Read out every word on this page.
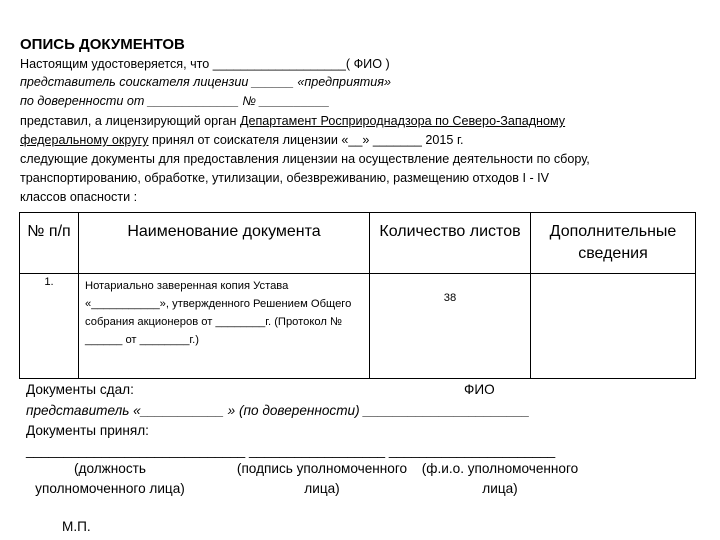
ОПИСЬ ДОКУМЕНТОВ
Настоящим удостоверяется, что ___________________( ФИО )
представитель соискателя лицензии ______ «предприятия»
по доверенности от _____________ № __________
представил, а лицензирующий орган Департамент Росприроднадзора по Северо-Западному
федеральному округу принял от соискателя лицензии «__» _______ 2015 г.
следующие документы для предоставления лицензии на осуществление деятельности по сбору,
транспортированию, обработке, утилизации, обезвреживанию, размещению отходов I - IV
классов опасности :
№ п/п	Наименование документа	Количество листов	Дополнительные сведения
1.	Нотариально заверенная копия Устава «___________», утвержденного Решением Общего собрания акционеров от ________г. (Протокол № ______ от ________г.)	38	
Документы сдал:	ФИО
представитель «___________ » (по доверенности) ______________________
Документы принял:
_____________________________ __________________ ______________________
(должность уполномоченного лица)
(подпись уполномоченного лица)
(ф.и.о. уполномоченного лица)
М.П.
